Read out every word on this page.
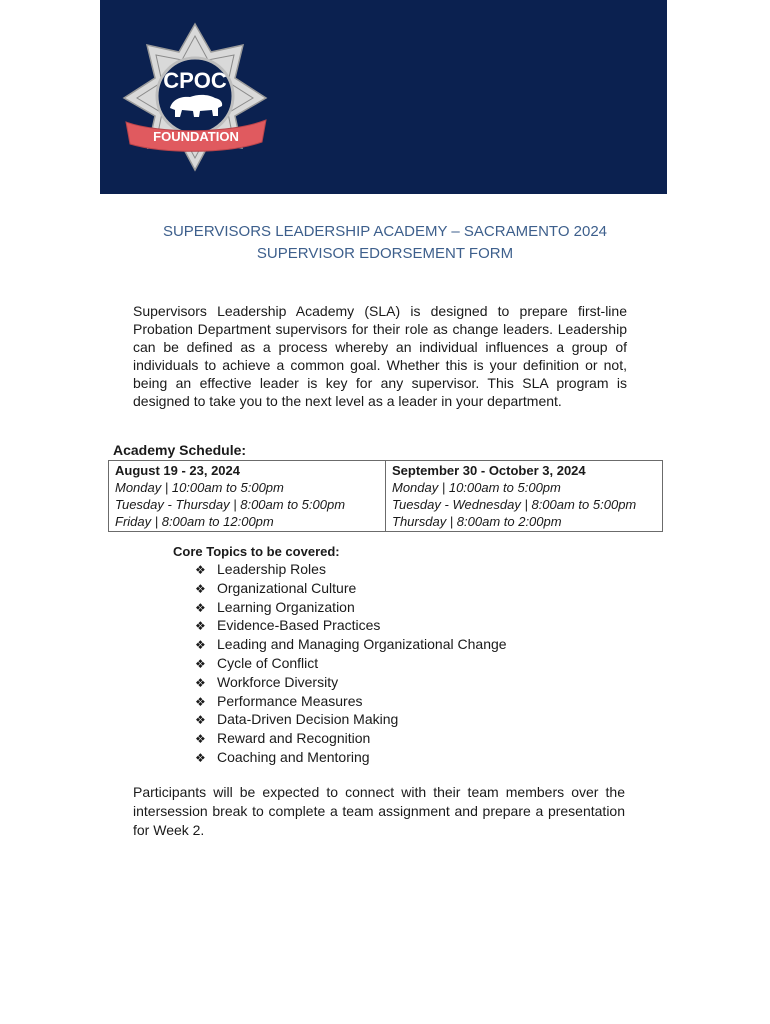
CPOC
FOUNDATION
SUPERVISORS LEADERSHIP ACADEMY – SACRAMENTO 2024
SUPERVISOR EDORSEMENT FORM

Supervisors Leadership Academy (SLA) is designed to prepare first-line Probation Department supervisors for their role as change leaders. Leadership can be defined as a process whereby an individual influences a group of individuals to achieve a common goal. Whether this is your definition or not, being an effective leader is key for any supervisor. This SLA program is designed to take you to the next level as a leader in your department.

Academy Schedule:

August 19 - 23, 2024
Monday | 10:00am to 5:00pm
Tuesday - Thursday | 8:00am to 5:00pm
Friday | 8:00am to 12:00pm

September 30 - October 3, 2024
Monday | 10:00am to 5:00pm
Tuesday - Wednesday | 8:00am to 5:00pm
Thursday | 8:00am to 2:00pm

Core Topics to be covered:

❖ Leadership Roles
❖ Organizational Culture
❖ Learning Organization
❖ Evidence-Based Practices
❖ Leading and Managing Organizational Change
❖ Cycle of Conflict
❖ Workforce Diversity
❖ Performance Measures
❖ Data-Driven Decision Making
❖ Reward and Recognition
❖ Coaching and Mentoring

Participants will be expected to connect with their team members over the intersession break to complete a team assignment and prepare a presentation for Week 2.
